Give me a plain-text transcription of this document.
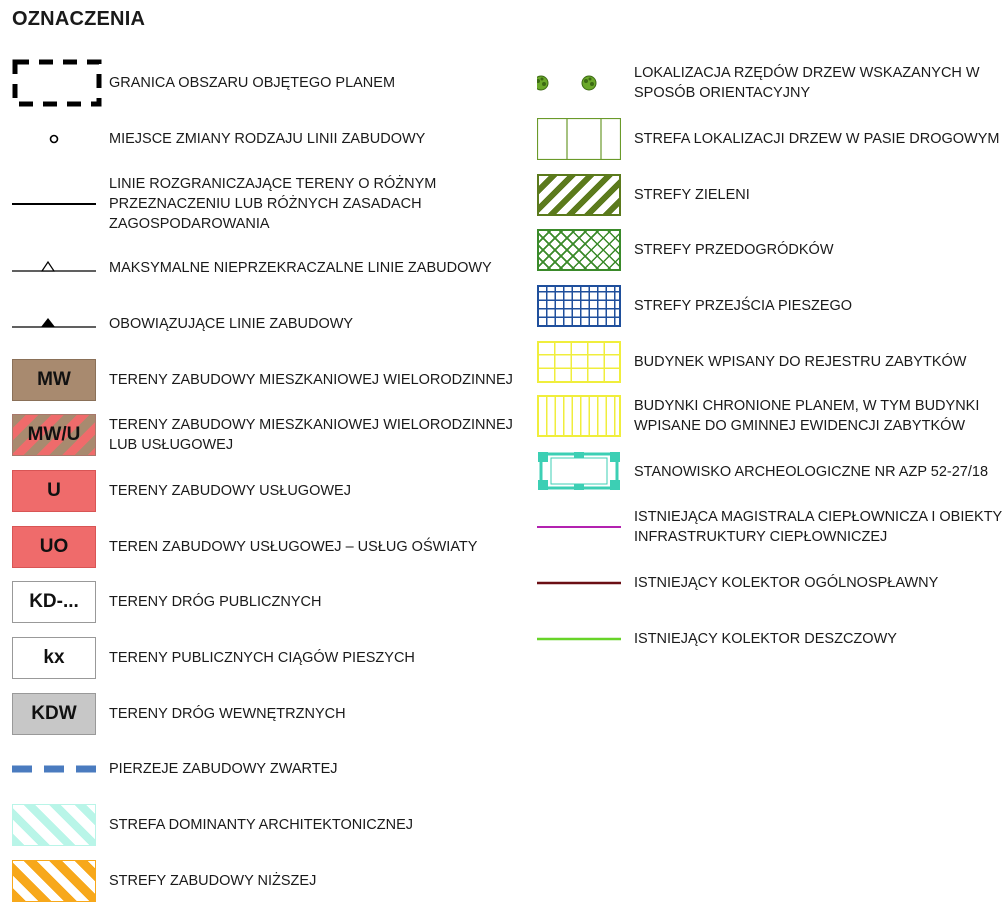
OZNACZENIA
GRANICA OBSZARU OBJĘTEGO PLANEM
MIEJSCE ZMIANY RODZAJU LINII ZABUDOWY
LINIE ROZGRANICZAJĄCE TERENY O RÓŻNYM
PRZEZNACZENIU LUB RÓŻNYCH ZASADACH
ZAGOSPODAROWANIA
MAKSYMALNE NIEPRZEKRACZALNE LINIE ZABUDOWY
OBOWIĄZUJĄCE LINIE ZABUDOWY
MW	TERENY ZABUDOWY MIESZKANIOWEJ WIELORODZINNEJ
MW/U TERENY ZABUDOWY MIESZKANIOWEJ WIELORODZINNEJ
LUB USŁUGOWEJ
U	TERENY ZABUDOWY USŁUGOWEJ
UO	TEREN ZABUDOWY USŁUGOWEJ – USŁUG OŚWIATY
KD-... TERENY DRÓG PUBLICZNYCH
kx	TERENY PUBLICZNYCH CIĄGÓW PIESZYCH
KDW TERENY DRÓG WEWNĘTRZNYCH
PIERZEJE ZABUDOWY ZWARTEJ
STREFA DOMINANTY ARCHITEKTONICZNEJ
STREFY ZABUDOWY NIŻSZEJ
LOKALIZACJA RZĘDÓW DRZEW WSKAZANYCH W
SPOSÓB ORIENTACYJNY
STREFA LOKALIZACJI DRZEW W PASIE DROGOWYM
STREFY ZIELENI
STREFY PRZEDOGRÓDKÓW
STREFY PRZEJŚCIA PIESZEGO
BUDYNEK WPISANY DO REJESTRU ZABYTKÓW
BUDYNKI CHRONIONE PLANEM, W TYM BUDYNKI
WPISANE DO GMINNEJ EWIDENCJI ZABYTKÓW
STANOWISKO ARCHEOLOGICZNE NR AZP 52-27/18
ISTNIEJĄCA MAGISTRALA CIEPŁOWNICZA I OBIEKTY
INFRASTRUKTURY CIEPŁOWNICZEJ
ISTNIEJĄCY KOLEKTOR OGÓLNOSPŁAWNY
ISTNIEJĄCY KOLEKTOR DESZCZOWY
